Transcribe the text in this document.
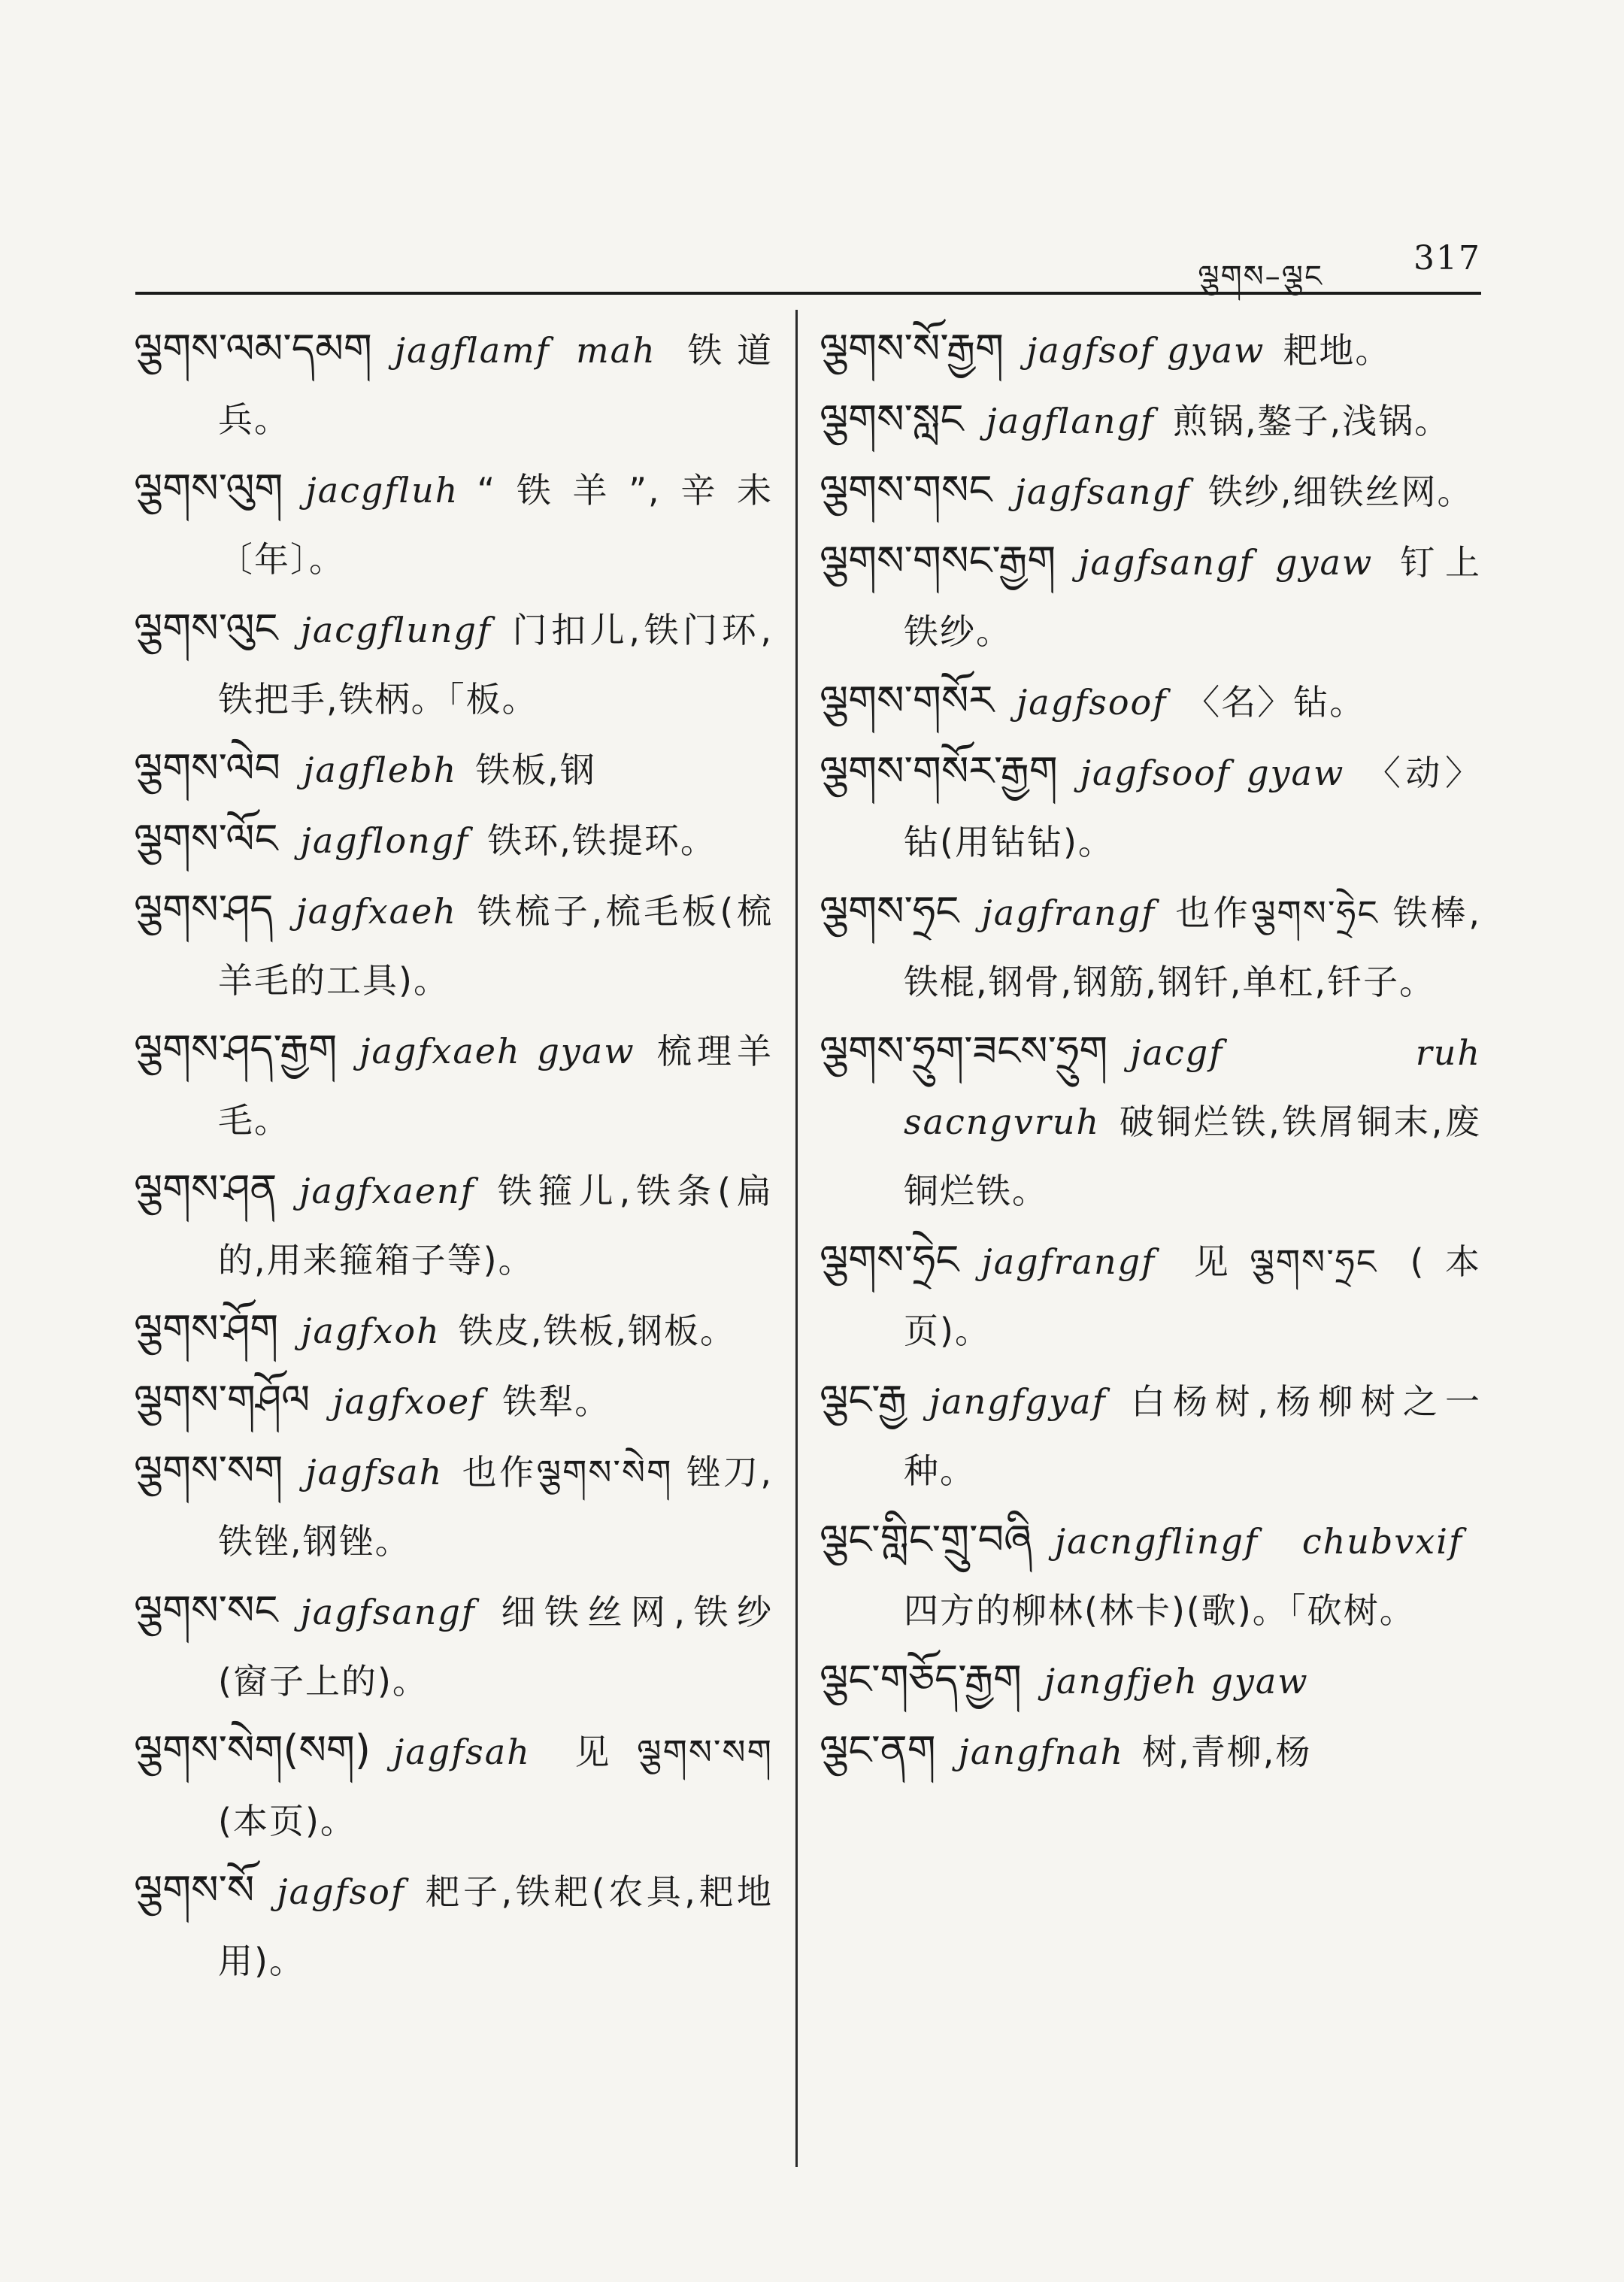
ལྕགས–ལྕང	317
ལྕགས་ལམ་དམག jagflamf mah 铁道兵。
ལྕགས་ལུག jacgfluh “铁羊”,辛未〔年〕。
ལྕགས་ལུང jacgflungf 门扣儿,铁门环,铁把手,铁柄。「板。
ལྕགས་ལེབ jagflebh 铁板,钢
ལྕགས་ལོང jagflongf 铁环,铁提环。
ལྕགས་ཤད jagfxaeh 铁梳子,梳毛板(梳羊毛的工具)。
ལྕགས་ཤད་རྒྱག jagfxaeh gyaw 梳理羊毛。
ལྕགས་ཤན jagfxaenf 铁箍儿,铁条(扁的,用来箍箱子等)。
ལྕགས་ཤོག jagfxoh 铁皮,铁板,钢板。
ལྕགས་གཤོལ jagfxoef 铁犁。
ལྕགས་སག jagfsah 也作ལྕགས་སེག 锉刀,铁锉,钢锉。
ལྕགས་སང jagfsangf 细铁丝网,铁纱(窗子上的)。
ལྕགས་སེག(སག) jagfsah 见ལྕགས་སག (本页)。
ལྕགས་སོ jagfsof 耙子,铁耙(农具,耙地用)。
ལྕགས་སོ་རྒྱག jagfsof gyaw 耙地。
ལྕགས་སླང jagflangf 煎锅,鏊子,浅锅。
ལྕགས་གསང jagfsangf 铁纱,细铁丝网。
ལྕགས་གསང་རྒྱག jagfsangf gyaw 钉上铁纱。
ལྕགས་གསོར jagfsoof 〈名〉钻。
ལྕགས་གསོར་རྒྱག jagfsoof gyaw 〈动〉钻(用钻钻)。
ལྕགས་ཧྲང jagfrangf 也作ལྕགས་ཧྲེང 铁棒,铁棍,钢骨,钢筋,钢钎,单杠,钎子。
ལྕགས་ཧྲུག་ཟངས་ཧྲུག jacgf ruh sacngvruh 破铜烂铁,铁屑铜末,废铜烂铁。
ལྕགས་ཧྲེང jagfrangf 见ལྕགས་ཧྲང (本页)。
ལྕང་རྒྱ jangfgyaf 白杨树,杨柳树之一种。
ལྕང་གླིང་གྲུ་བཞི jacngflingf chubvxif四方的柳林(林卡)(歌)。「砍树。
ལྕང་གཅོད་རྒྱག jangfjeh gyaw
ལྕང་ནག jangfnah 树,青柳,杨
